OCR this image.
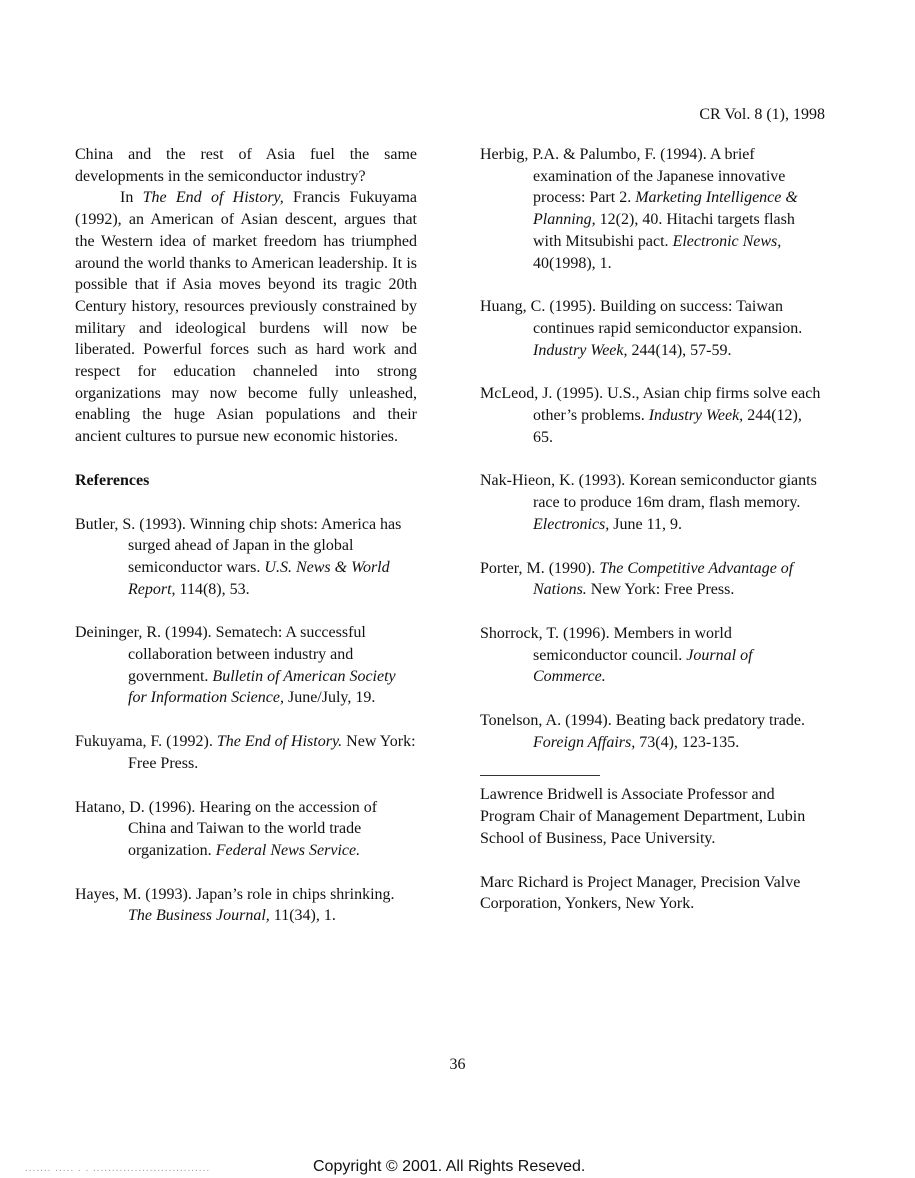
CR Vol. 8 (1), 1998

China and the rest of Asia fuel the same developments in the semiconductor industry?

In The End of History, Francis Fukuyama (1992), an American of Asian descent, argues that the Western idea of market freedom has triumphed around the world thanks to American leadership. It is possible that if Asia moves beyond its tragic 20th Century history, resources previously constrained by military and ideological burdens will now be liberated. Powerful forces such as hard work and respect for education channeled into strong organizations may now become fully unleashed, enabling the huge Asian populations and their ancient cultures to pursue new economic histories.

References

Butler, S. (1993). Winning chip shots: America has surged ahead of Japan in the global semiconductor wars. U.S. News & World Report, 114(8), 53.

Deininger, R. (1994). Sematech: A successful collaboration between industry and government. Bulletin of American Society for Information Science, June/July, 19.

Fukuyama, F. (1992). The End of History. New York: Free Press.

Hatano, D. (1996). Hearing on the accession of China and Taiwan to the world trade organization. Federal News Service.

Hayes, M. (1993). Japan’s role in chips shrinking. The Business Journal, 11(34), 1.

Herbig, P.A. & Palumbo, F. (1994). A brief examination of the Japanese innovative process: Part 2. Marketing Intelligence & Planning, 12(2), 40. Hitachi targets flash with Mitsubishi pact. Electronic News, 40(1998), 1.

Huang, C. (1995). Building on success: Taiwan continues rapid semiconductor expansion. Industry Week, 244(14), 57-59.

McLeod, J. (1995). U.S., Asian chip firms solve each other’s problems. Industry Week, 244(12), 65.

Nak-Hieon, K. (1993). Korean semiconductor giants race to produce 16m dram, flash memory. Electronics, June 11, 9.

Porter, M. (1990). The Competitive Advantage of Nations. New York: Free Press.

Shorrock, T. (1996). Members in world semiconductor council. Journal of Commerce.

Tonelson, A. (1994). Beating back predatory trade. Foreign Affairs, 73(4), 123-135.

Lawrence Bridwell is Associate Professor and Program Chair of Management Department, Lubin School of Business, Pace University.

Marc Richard is Project Manager, Precision Valve Corporation, Yonkers, New York.

36
....... ..... . . ...............................	Copyright © 2001. All Rights Reseved.
